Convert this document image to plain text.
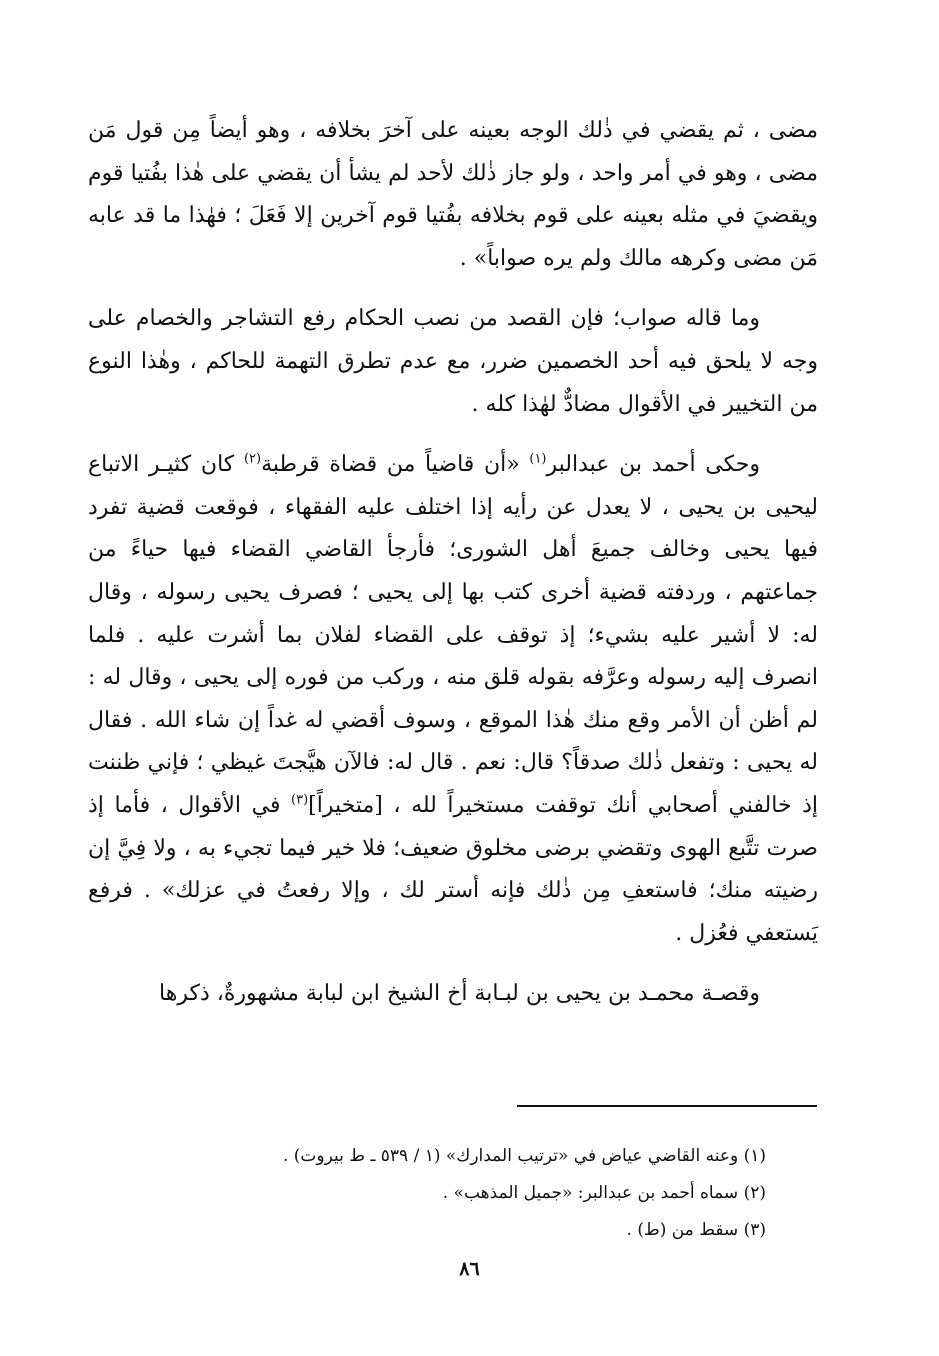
مضى ، ثم يقضي في ذٰلك الوجه بعينه على آخرَ بخلافه ، وهو أيضاً مِن قول مَن مضى ، وهو في أمر واحد ، ولو جاز ذٰلك لأحد لم يشأ أن يقضي على هٰذا بفُتيا قوم ويقضيَ في مثله بعينه على قوم بخلافه بفُتيا قوم آخرين إلا فَعَلَ ؛ فهٰذا ما قد عابه مَن مضى وكرهه مالك ولم يره صواباً» .

وما قاله صواب؛ فإن القصد من نصب الحكام رفع التشاجر والخصام على وجه لا يلحق فيه أحد الخصمين ضرر، مع عدم تطرق التهمة للحاكم ، وهٰذا النوع من التخيير في الأقوال مضادٌّ لهٰذا كله .

وحكى أحمد بن عبدالبر$^{(١)}$ «أن قاضياً من قضاة قرطبة$^{(٢)}$ كان كثيـر الاتباع ليحيى بن يحيى ، لا يعدل عن رأيه إذا اختلف عليه الفقهاء ، فوقعت قضية تفرد فيها يحيى وخالف جميعَ أهل الشورى؛ فأرجأ القاضي القضاء فيها حياءً من جماعتهم ، وردفته قضية أخرى كتب بها إلى يحيى ؛ فصرف يحيى رسوله ، وقال له: لا أشير عليه بشيء؛ إذ توقف على القضاء لفلان بما أشرت عليه . فلما انصرف إليه رسوله وعرَّفه بقوله قلق منه ، وركب من فوره إلى يحيى ، وقال له : لم أظن أن الأمر وقع منك هٰذا الموقع ، وسوف أقضي له غداً إن شاء الله . فقال له يحيى : وتفعل ذٰلك صدقاً؟ قال: نعم . قال له: فالآن هيَّجتَ غيظي ؛ فإني ظننت إذ خالفني أصحابي أنك توقفت مستخيراً لله ، [متخيراً]$^{(٣)}$ في الأقوال ، فأما إذ صرت تتَّبع الهوى وتقضي برضى مخلوق ضعيف؛ فلا خير فيما تجيء به ، ولا فِيَّ إن رضيته منك؛ فاستعفِ مِن ذٰلك فإنه أستر لك ، وإلا رفعتُ في عزلك» . فرفع يَستعفي فعُزل .

وقصـة محمـد بن يحيى بن لبـابة أخ الشيخ ابن لبابة مشهورةٌ، ذكرها

(١) وعنه القاضي عياض في «ترتيب المدارك» (١ / ٥٣٩ ـ ط بيروت) .

(٢) سماه أحمد بن عبدالبر: «جميل المذهب» .

(٣) سقط من (ط) .

٨٦
